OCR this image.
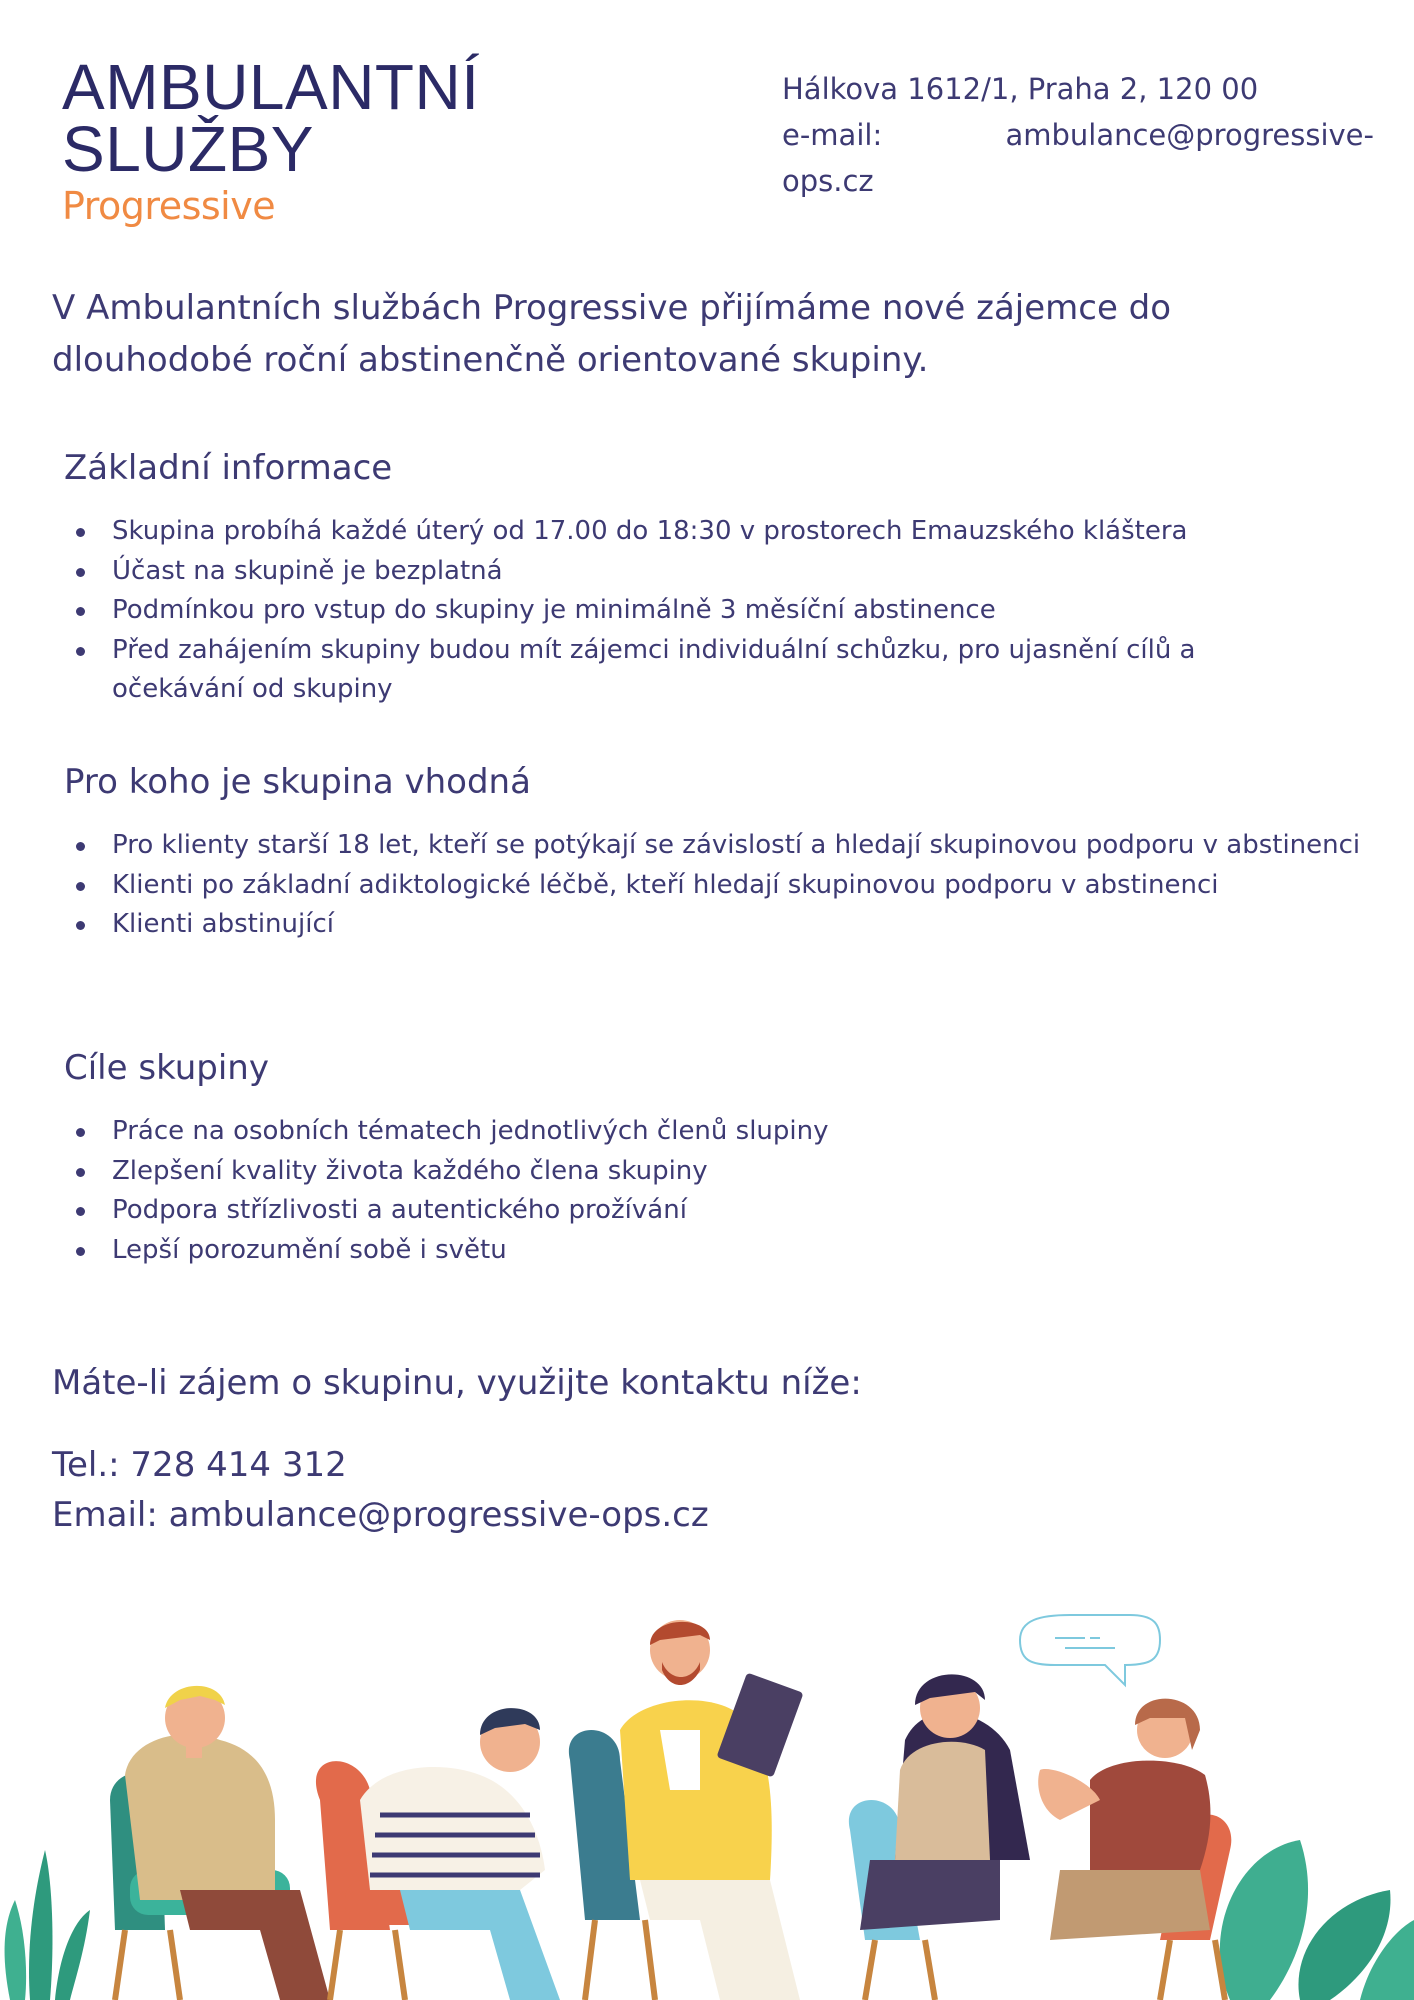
AMBULANTNÍ
SLUŽBY
Progressive
Hálkova 1612/1, Praha 2, 120 00
e-mail:	ambulance@progressive-
ops.cz
V Ambulantních službách Progressive přijímáme nové zájemce do dlouhodobé roční abstinenčně orientované skupiny.
Základní informace
Skupina probíhá každé úterý od 17.00 do 18:30 v prostorech Emauzského kláštera
Účast na skupině je bezplatná
Podmínkou pro vstup do skupiny je minimálně 3 měsíční abstinence
Před zahájením skupiny budou mít zájemci individuální schůzku, pro ujasnění cílů a očekávání od skupiny
Pro koho je skupina vhodná
Pro klienty starší 18 let, kteří se potýkají se závislostí a hledají skupinovou podporu v abstinenci
Klienti po základní adiktologické léčbě, kteří hledají skupinovou podporu v abstinenci
Klienti abstinující
Cíle skupiny
Práce na osobních tématech jednotlivých členů slupiny
Zlepšení kvality života každého člena skupiny
Podpora střízlivosti a autentického prožívání
Lepší porozumění sobě i světu
Máte-li zájem o skupinu, využijte kontaktu níže:
Tel.: 728 414 312
Email: ambulance@progressive-ops.cz
